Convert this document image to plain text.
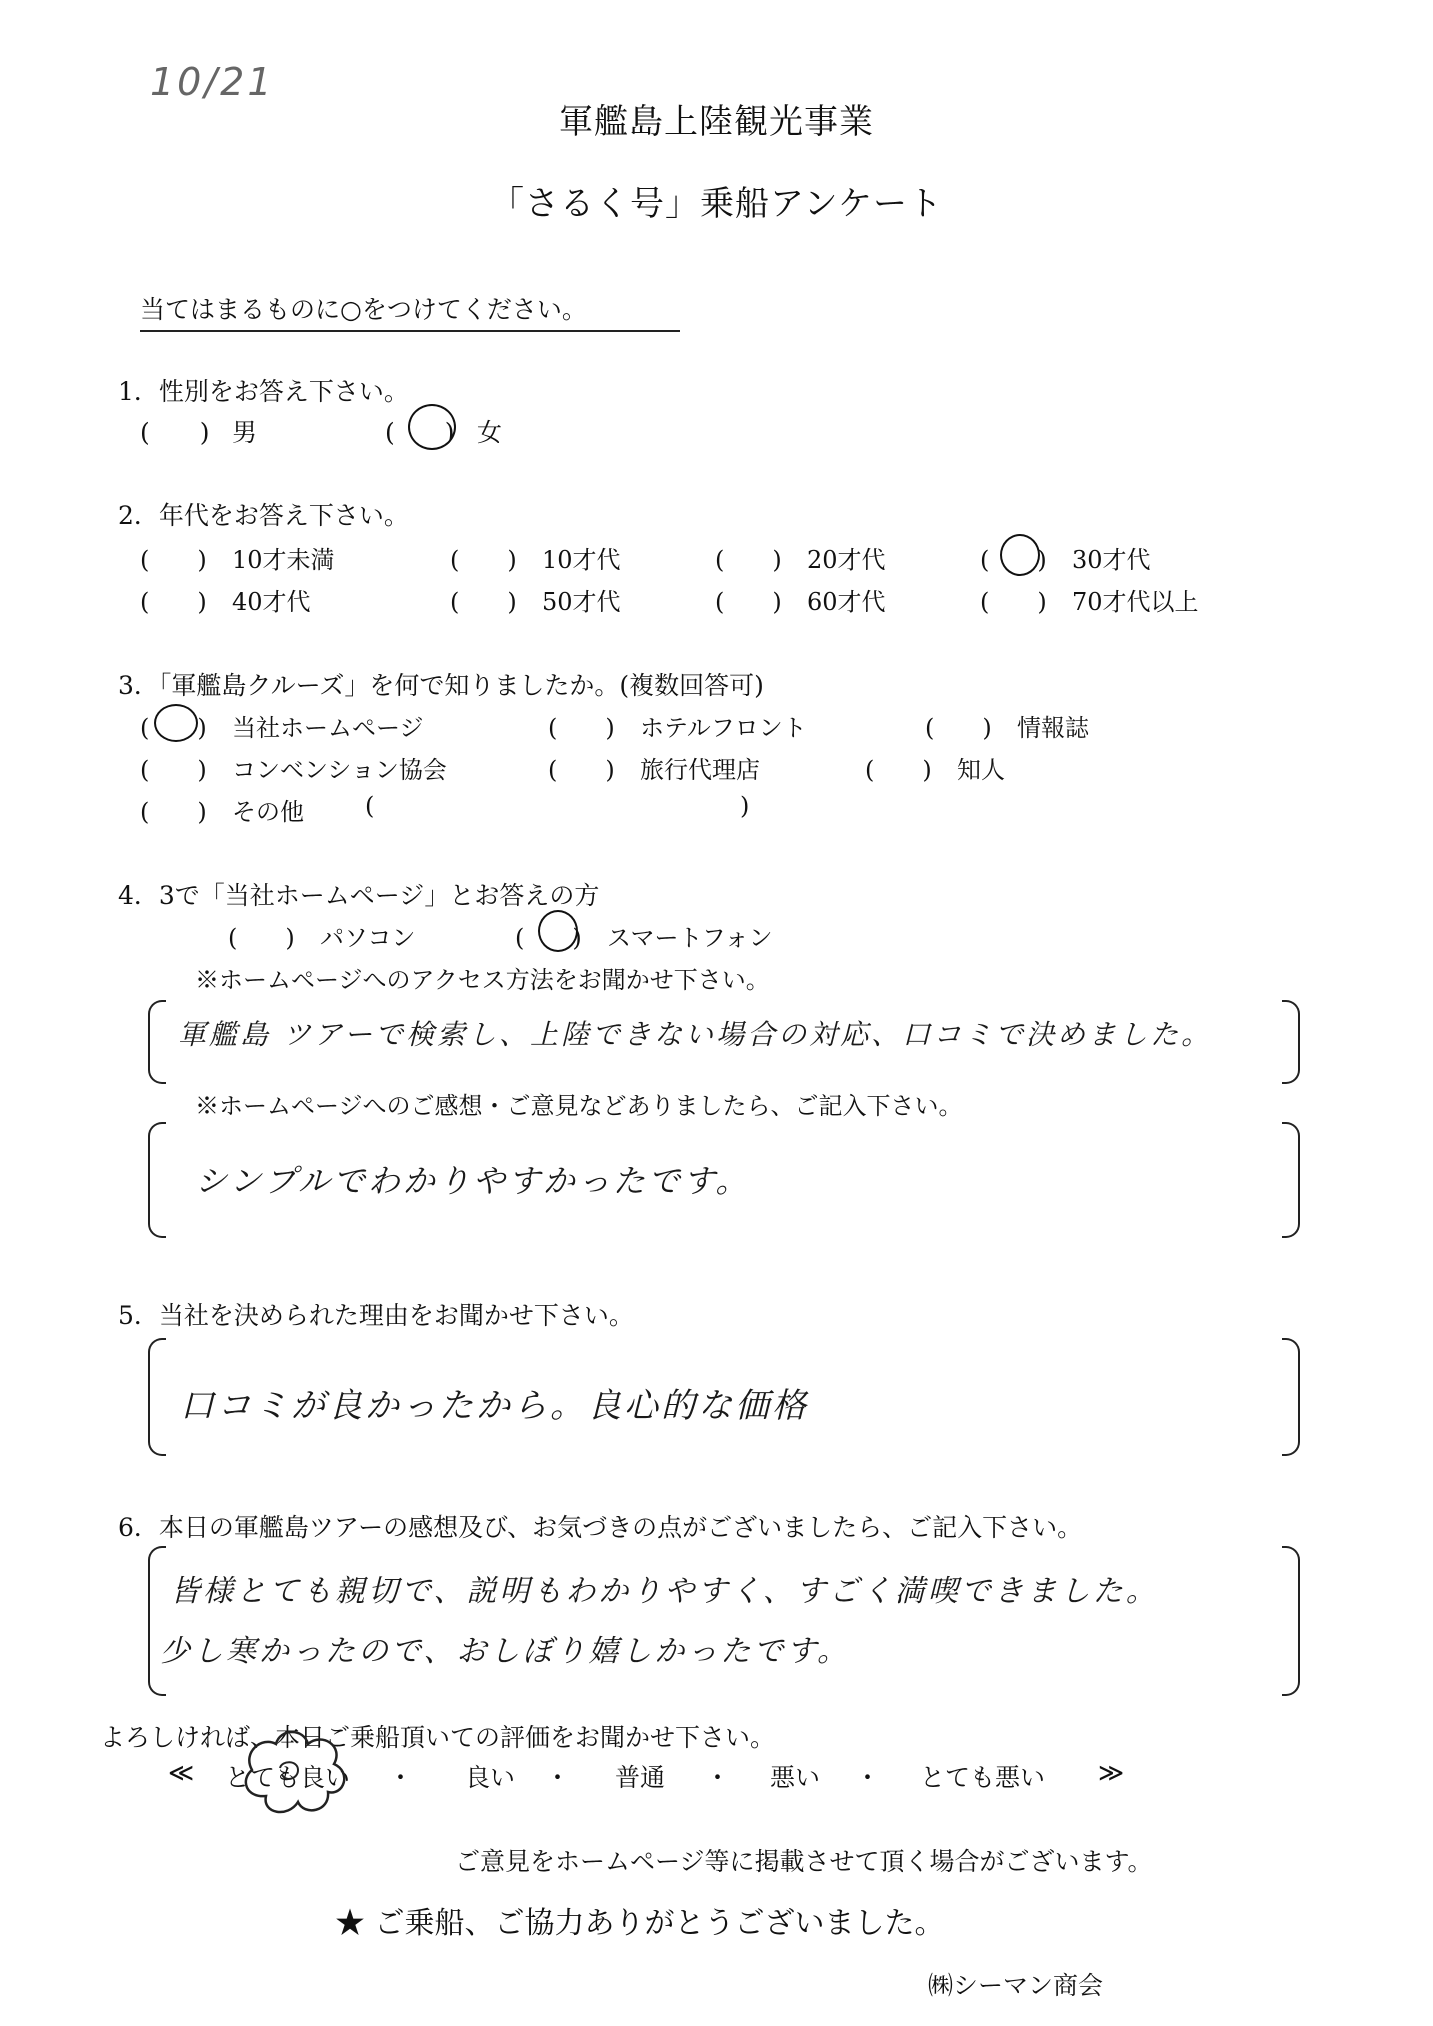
10/21
軍艦島上陸観光事業
「さるく号」乗船アンケート
当てはまるものに○をつけてください。
1．性別をお答え下さい。
(　　) 男	(　　) 女
2．年代をお答え下さい。
(　　) 10才未満	(　　) 10才代	(　　) 20才代	(　　) 30才代
(　　) 40才代	(　　) 50才代	(　　) 60才代	(　　) 70才代以上
3．「軍艦島クルーズ」を何で知りましたか。(複数回答可)
(　　) 当社ホームページ	(　　) ホテルフロント	(　　) 情報誌
(　　) コンベンション協会	(　　) 旅行代理店	(　　) 知人
(　　) その他	(	)
4．3で「当社ホームページ」とお答えの方
(　　) パソコン	(　　) スマートフォン
※ホームページへのアクセス方法をお聞かせ下さい。
軍艦島 ツアーで検索し、上陸できない場合の対応、口コミで決めました。
※ホームページへのご感想・ご意見などありましたら、ご記入下さい。
シンプルでわかりやすかったです。
5．当社を決められた理由をお聞かせ下さい。
口コミが良かったから。良心的な価格
6．本日の軍艦島ツアーの感想及び、お気づきの点がございましたら、ご記入下さい。
皆様とても親切で、説明もわかりやすく、すごく満喫できました。
少し寒かったので、おしぼり嬉しかったです。
よろしければ、本日ご乗船頂いての評価をお聞かせ下さい。
≪ とても良い ・ 良い ・ 普通 ・ 悪い ・ とても悪い ≫
ご意見をホームページ等に掲載させて頂く場合がございます。
★ ご乗船、ご協力ありがとうございました。
㈱シーマン商会
